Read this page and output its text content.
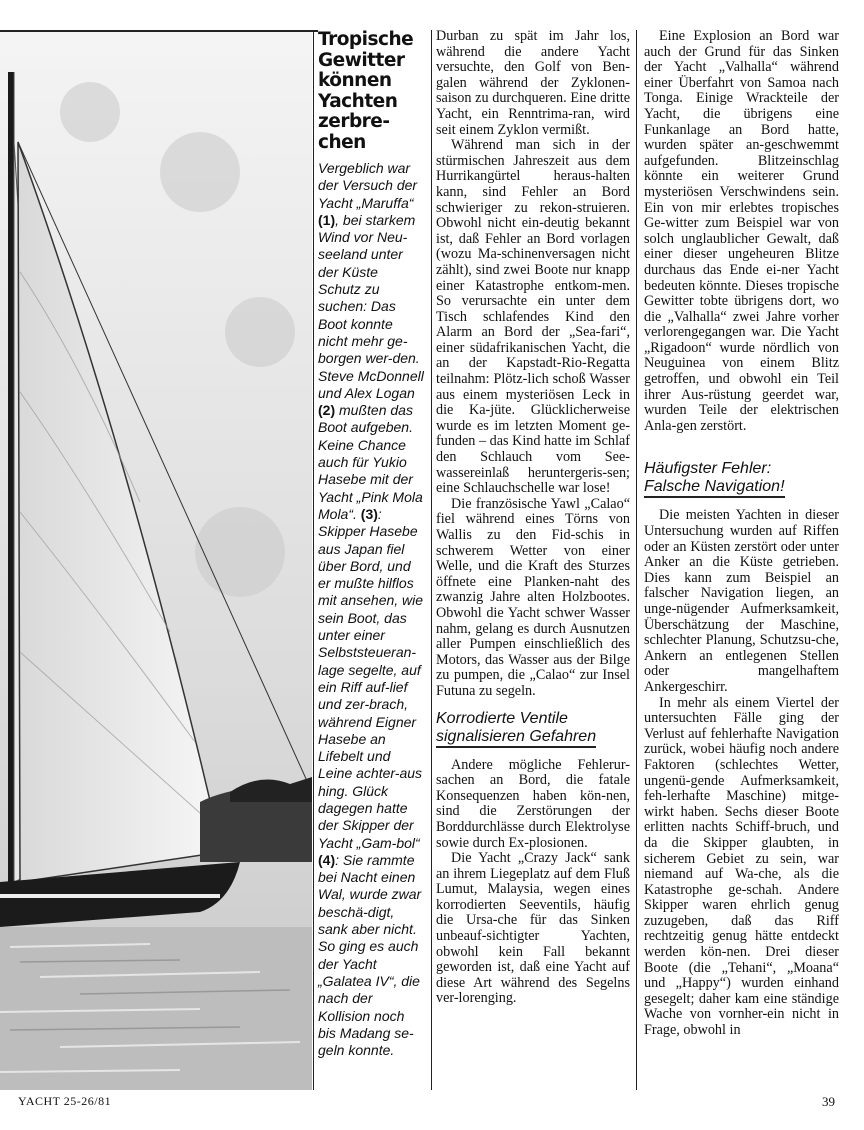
Tropische Gewitter können Yachten zerbre-chen

Vergeblich war der Versuch der Yacht „Maruffa“ (1), bei starkem Wind vor Neu-seeland unter der Küste Schutz zu suchen: Das Boot konnte nicht mehr ge-borgen wer-den. Steve McDonnell und Alex Logan (2) mußten das Boot aufgeben. Keine Chance auch für Yukio Hasebe mit der Yacht „Pink Mola Mola“. (3): Skipper Hasebe aus Japan fiel über Bord, und er mußte hilflos mit ansehen, wie sein Boot, das unter einer Selbststeueran-lage segelte, auf ein Riff auf-lief und zer-brach, während Eigner Hasebe an Lifebelt und Leine achter-aus hing. Glück dagegen hatte der Skipper der Yacht „Gam-bol“ (4): Sie rammte bei Nacht einen Wal, wurde zwar beschä-digt, sank aber nicht. So ging es auch der Yacht „Galatea IV“, die nach der Kollision noch bis Madang se-geln konnte.

Durban zu spät im Jahr los, während die andere Yacht versuchte, den Golf von Ben-galen während der Zyklonen-saison zu durchqueren. Eine dritte Yacht, ein Renntrima-ran, wird seit einem Zyklon vermißt.

Während man sich in der stürmischen Jahreszeit aus dem Hurrikangürtel heraus-halten kann, sind Fehler an Bord schwieriger zu rekon-struieren. Obwohl nicht ein-deutig bekannt ist, daß Fehler an Bord vorlagen (wozu Ma-schinenversagen nicht zählt), sind zwei Boote nur knapp einer Katastrophe entkom-men. So verursachte ein unter dem Tisch schlafendes Kind den Alarm an Bord der „Sea-fari“, einer südafrikanischen Yacht, die an der Kapstadt-Rio-Regatta teilnahm: Plötz-lich schoß Wasser aus einem mysteriösen Leck in die Ka-jüte. Glücklicherweise wurde es im letzten Moment ge-funden – das Kind hatte im Schlaf den Schlauch vom See-wassereinlaß heruntergeris-sen; eine Schlauchschelle war lose!

Die französische Yawl „Calao“ fiel während eines Törns von Wallis zu den Fid-schis in schwerem Wetter von einer Welle, und die Kraft des Sturzes öffnete eine Planken-naht des zwanzig Jahre alten Holzbootes. Obwohl die Yacht schwer Wasser nahm, gelang es durch Ausnutzen aller Pumpen einschließlich des Motors, das Wasser aus der Bilge zu pumpen, die „Calao“ zur Insel Futuna zu segeln.

Korrodierte Ventile
signalisieren Gefahren

Andere mögliche Fehlerur-sachen an Bord, die fatale Konsequenzen haben kön-nen, sind die Zerstörungen der Borddurchlässe durch Elektrolyse sowie durch Ex-plosionen.

Die Yacht „Crazy Jack“ sank an ihrem Liegeplatz auf dem Fluß Lumut, Malaysia, wegen eines korrodierten Seeventils, häufig die Ursa-che für das Sinken unbeauf-sichtigter Yachten, obwohl kein Fall bekannt geworden ist, daß eine Yacht auf diese Art während des Segelns ver-lorenging.

Eine Explosion an Bord war auch der Grund für das Sinken der Yacht „Valhalla“ während einer Überfahrt von Samoa nach Tonga. Einige Wrackteile der Yacht, die übrigens eine Funkanlage an Bord hatte, wurden später an-geschwemmt aufgefunden. Blitzeinschlag könnte ein weiterer Grund mysteriösen Verschwindens sein. Ein von mir erlebtes tropisches Ge-witter zum Beispiel war von solch unglaublicher Gewalt, daß einer dieser ungeheuren Blitze durchaus das Ende ei-ner Yacht bedeuten könnte. Dieses tropische Gewitter tobte übrigens dort, wo die „Valhalla“ zwei Jahre vorher verlorengegangen war. Die Yacht „Rigadoon“ wurde nördlich von Neuguinea von einem Blitz getroffen, und obwohl ein Teil ihrer Aus-rüstung geerdet war, wurden Teile der elektrischen Anla-gen zerstört.

Häufigster Fehler:
Falsche Navigation!

Die meisten Yachten in dieser Untersuchung wurden auf Riffen oder an Küsten zerstört oder unter Anker an die Küste getrieben. Dies kann zum Beispiel an falscher Navigation liegen, an unge-nügender Aufmerksamkeit, Überschätzung der Maschine, schlechter Planung, Schutzsu-che, Ankern an entlegenen Stellen oder mangelhaftem Ankergeschirr.

In mehr als einem Viertel der untersuchten Fälle ging der Verlust auf fehlerhafte Navigation zurück, wobei häufig noch andere Faktoren (schlechtes Wetter, ungenü-gende Aufmerksamkeit, feh-lerhafte Maschine) mitge-wirkt haben. Sechs dieser Boote erlitten nachts Schiff-bruch, und da die Skipper glaubten, in sicherem Gebiet zu sein, war niemand auf Wa-che, als die Katastrophe ge-schah. Andere Skipper waren ehrlich genug zuzugeben, daß das Riff rechtzeitig genug hätte entdeckt werden kön-nen. Drei dieser Boote (die „Tehani“, „Moana“ und „Happy“) wurden einhand gesegelt; daher kam eine ständige Wache von vornher-ein nicht in Frage, obwohl in

YACHT 25-26/81	39
